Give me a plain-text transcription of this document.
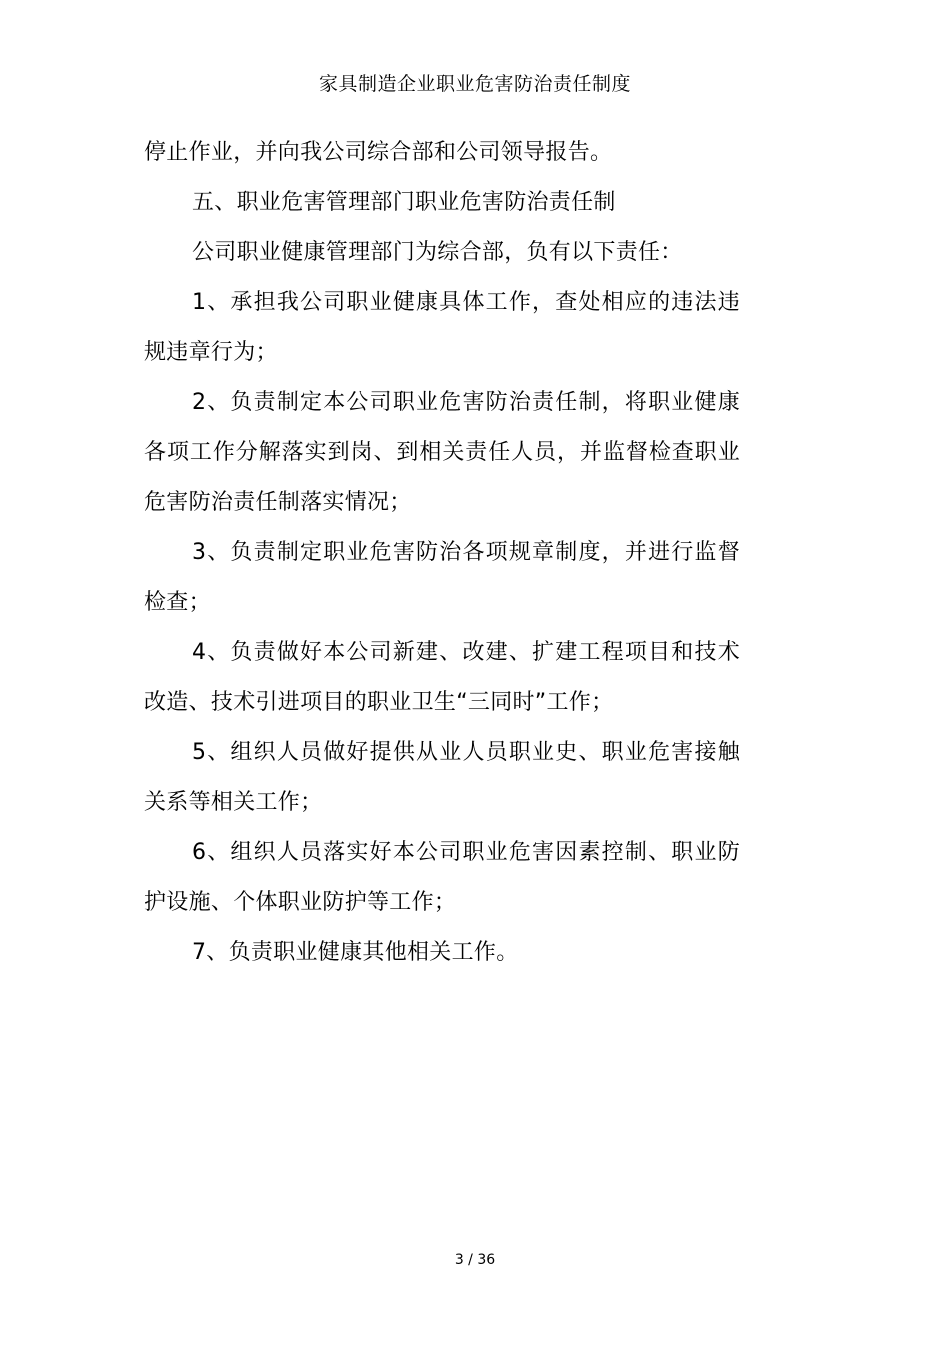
家具制造企业职业危害防治责任制度

停止作业，并向我公司综合部和公司领导报告。

五、职业危害管理部门职业危害防治责任制

公司职业健康管理部门为综合部，负有以下责任：

1、承担我公司职业健康具体工作，查处相应的违法违规违章行为；

2、负责制定本公司职业危害防治责任制，将职业健康各项工作分解落实到岗、到相关责任人员，并监督检查职业危害防治责任制落实情况；

3、负责制定职业危害防治各项规章制度，并进行监督检查；

4、负责做好本公司新建、改建、扩建工程项目和技术改造、技术引进项目的职业卫生“三同时”工作；

5、组织人员做好提供从业人员职业史、职业危害接触关系等相关工作；

6、组织人员落实好本公司职业危害因素控制、职业防护设施、个体职业防护等工作；

7、负责职业健康其他相关工作。

3 / 36
